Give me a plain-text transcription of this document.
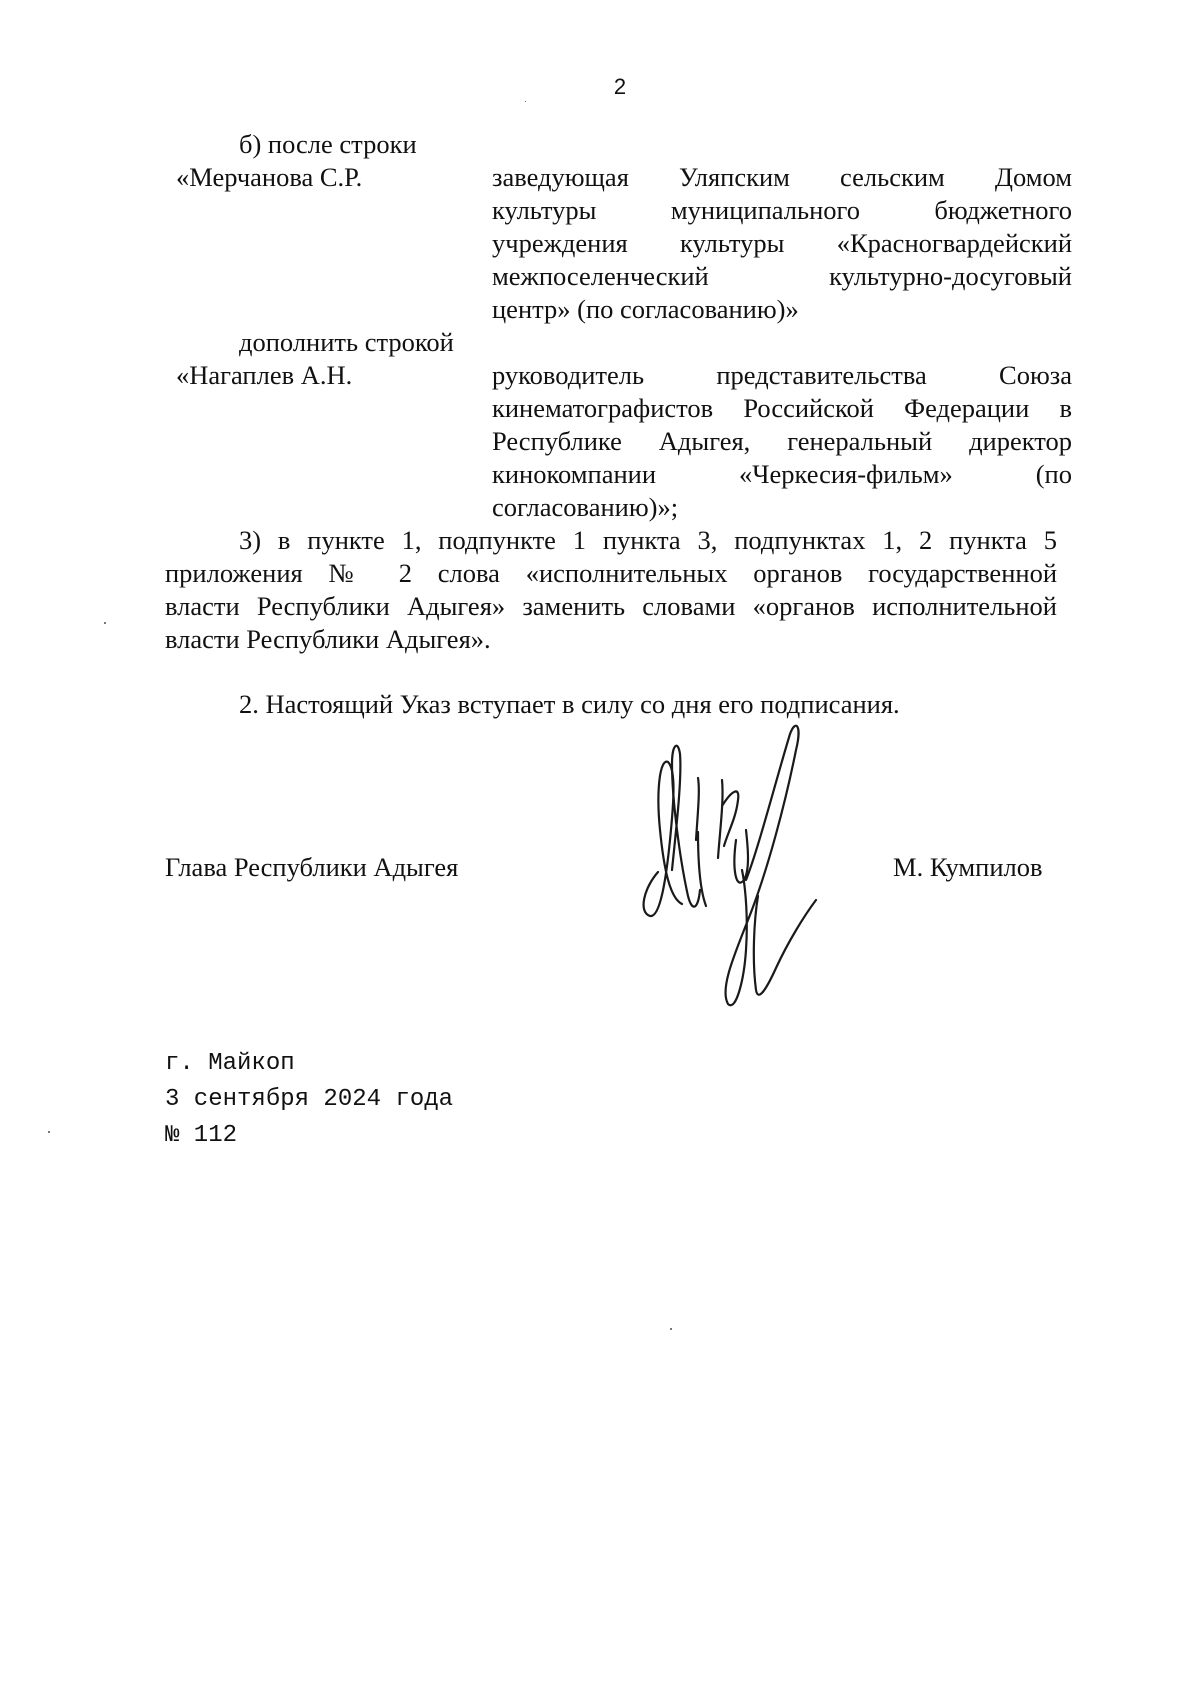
2
б) после строки
«Мерчанова С.Р.	заведующая Уляпским сельским Домом
культуры муниципального бюджетного
учреждения культуры «Красногвардейский
межпоселенческий культурно-досуговый
центр» (по согласованию)»
дополнить строкой
«Нагаплев А.Н.	руководитель представительства Союза
кинематографистов Российской Федерации в
Республике Адыгея, генеральный директор
кинокомпании «Черкесия-фильм» (по
согласованию)»;
3) в пункте 1, подпункте 1 пункта 3, подпунктах 1, 2 пункта 5
приложения № 2 слова «исполнительных органов государственной
власти Республики Адыгея» заменить словами «органов исполнительной
власти Республики Адыгея».
2. Настоящий Указ вступает в силу со дня его подписания.
Глава Республики Адыгея	М. Кумпилов
г. Майкоп
3 сентября 2024 года
№ 112
